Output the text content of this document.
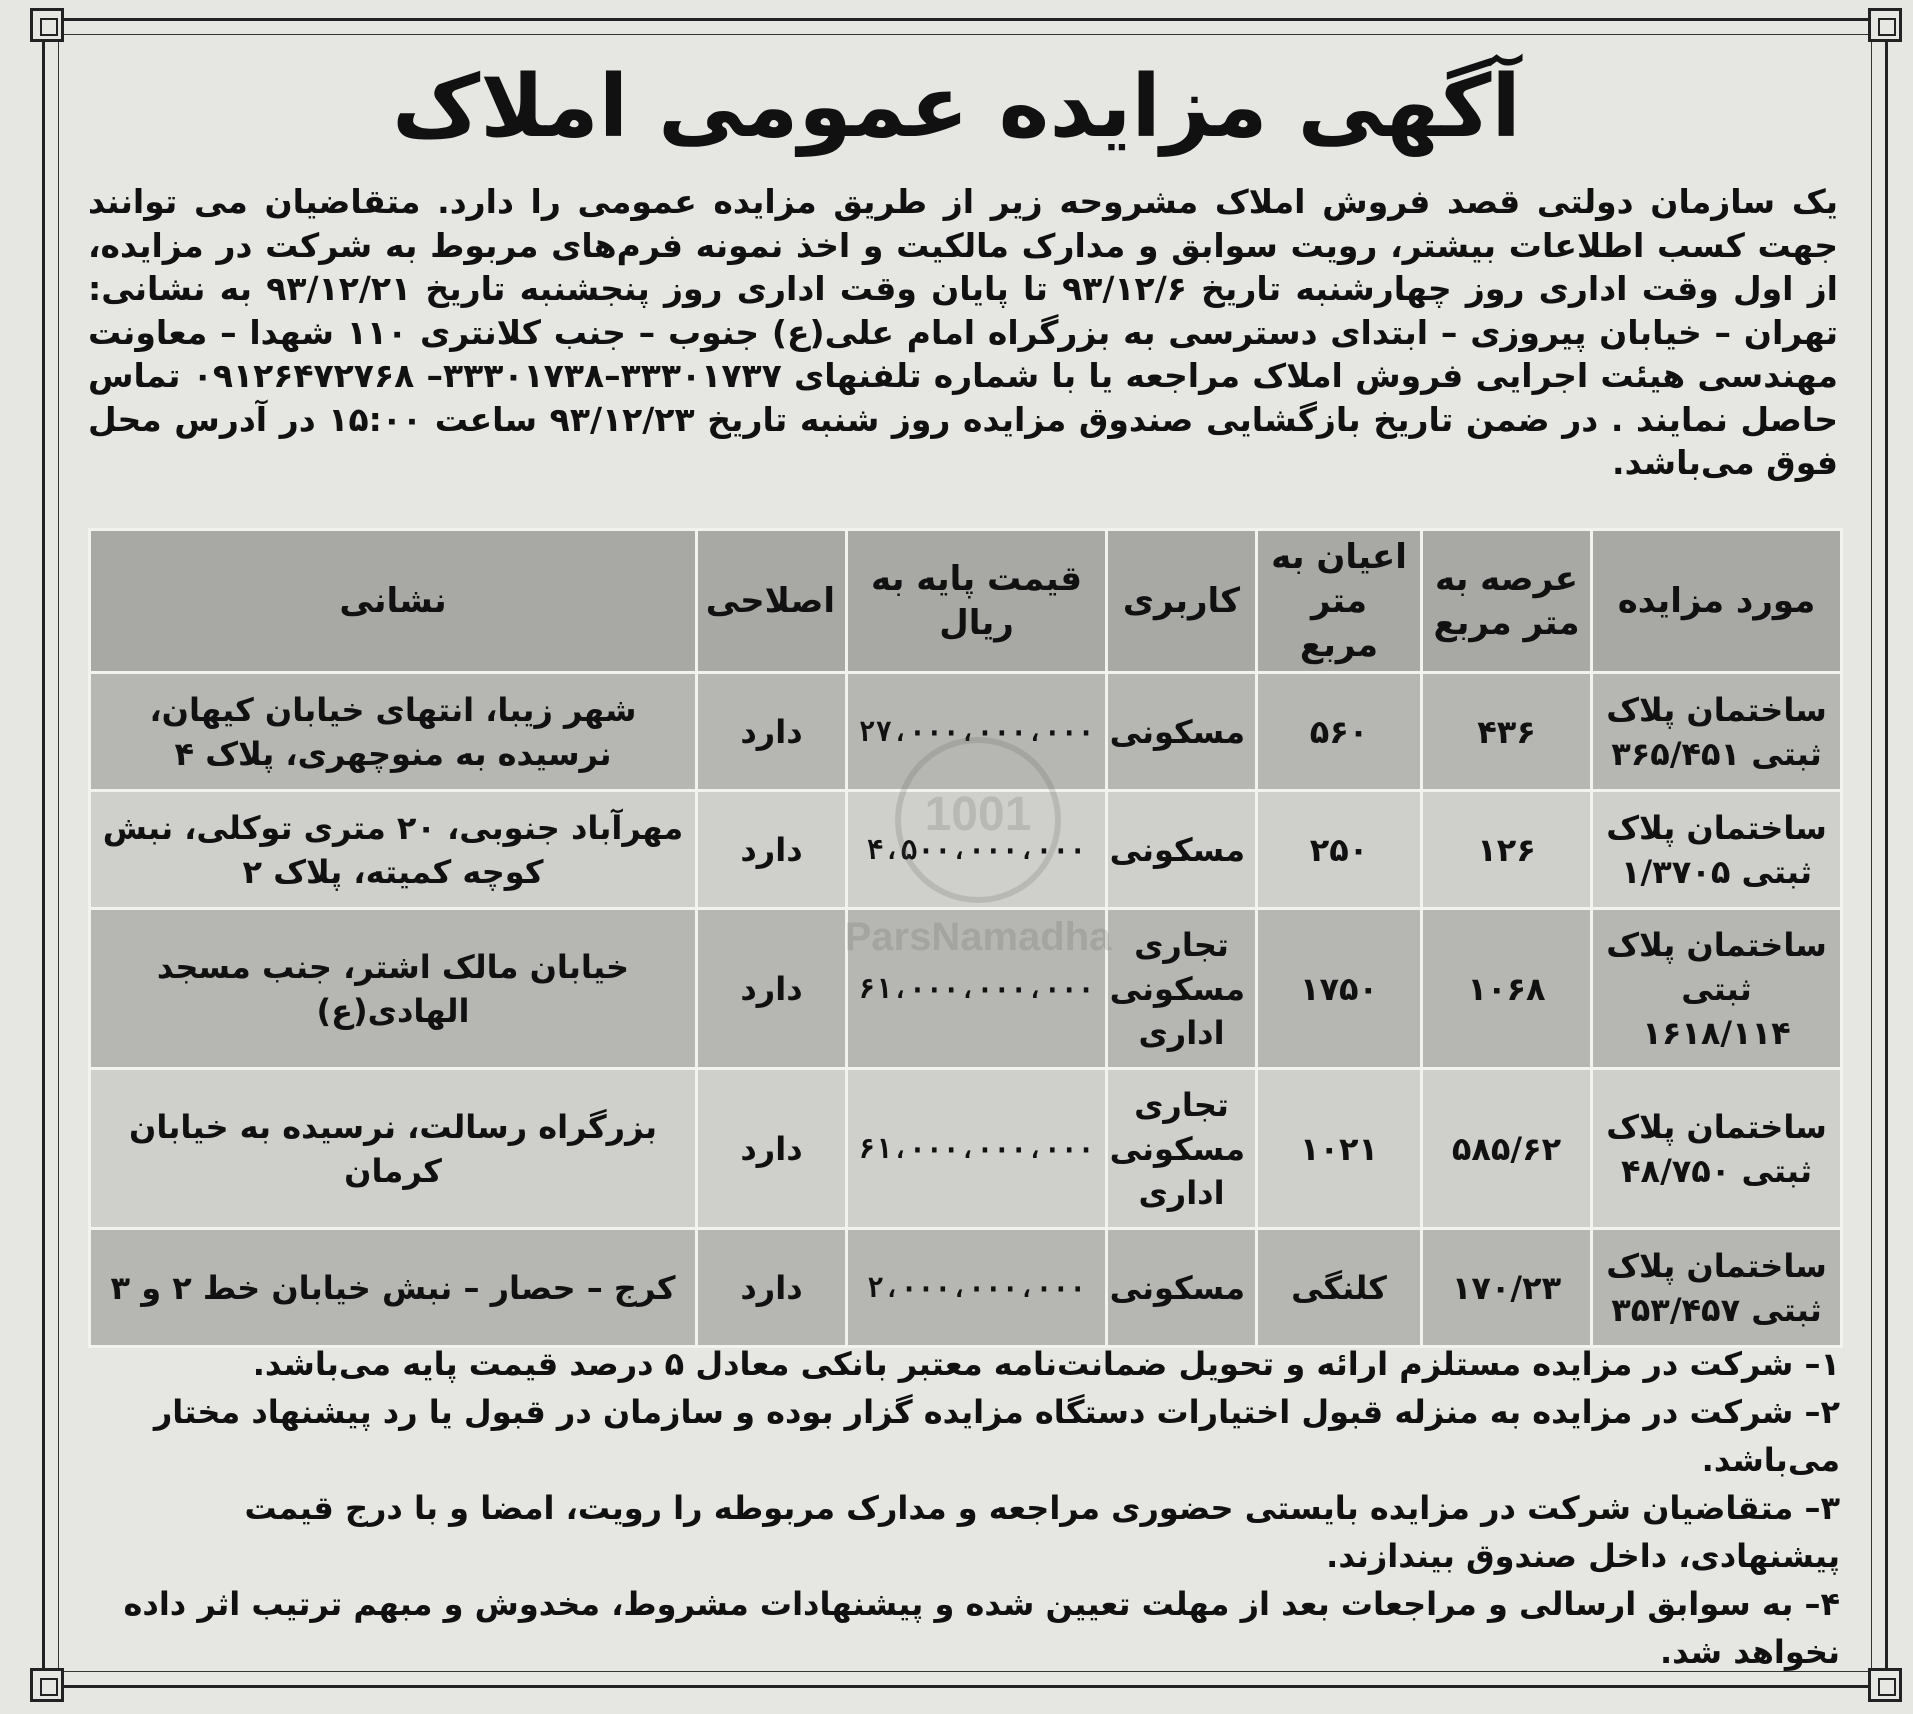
آگهی مزایده عمومی املاک
یک سازمان دولتی قصد فروش املاک مشروحه زیر از طریق مزایده عمومی را دارد. متقاضیان می توانند جهت کسب اطلاعات بیشتر، رویت سوابق و مدارک مالکیت و اخذ نمونه فرم‌های مربوط به شرکت در مزایده، از اول وقت اداری روز چهارشنبه تاریخ ۹۳/۱۲/۶ تا پایان وقت اداری روز پنجشنبه تاریخ ۹۳/۱۲/۲۱ به نشانی: تهران – خیابان پیروزی – ابتدای دسترسی به بزرگراه امام علی(ع) جنوب – جنب کلانتری ۱۱۰ شهدا – معاونت مهندسی هیئت اجرایی فروش املاک مراجعه یا با شماره تلفنهای ۳۳۳۰۱۷۳۷–۳۳۳۰۱۷۳۸– ۰۹۱۲۶۴۷۲۷۶۸ تماس حاصل نمایند . در ضمن تاریخ بازگشایی صندوق مزایده روز شنبه تاریخ ۹۳/۱۲/۲۳ ساعت ۱۵:۰۰ در آدرس محل فوق می‌باشد.
مورد مزایده	عرصه به متر مربع	اعیان به متر مربع	کاربری	قیمت پایه به ریال	اصلاحی	نشانی
ساختمان پلاک ثبتی ۳۶۵/۴۵۱	۴۳۶	۵۶۰	مسکونی	۲۷،۰۰۰،۰۰۰،۰۰۰	دارد	شهر زیبا، انتهای خیابان کیهان، نرسیده به منوچهری، پلاک ۴
ساختمان پلاک ثبتی ۱/۳۷۰۵	۱۲۶	۲۵۰	مسکونی	۴،۵۰۰،۰۰۰،۰۰۰	دارد	مهرآباد جنوبی، ۲۰ متری توکلی، نبش کوچه کمیته، پلاک ۲
ساختمان پلاک ثبتی ۱۶۱۸/۱۱۴	۱۰۶۸	۱۷۵۰	تجاری مسکونی اداری	۶۱،۰۰۰،۰۰۰،۰۰۰	دارد	خیابان مالک اشتر، جنب مسجد الهادی(ع)
ساختمان پلاک ثبتی ۴۸/۷۵۰	۵۸۵/۶۲	۱۰۲۱	تجاری مسکونی اداری	۶۱،۰۰۰،۰۰۰،۰۰۰	دارد	بزرگراه رسالت، نرسیده به خیابان کرمان
ساختمان پلاک ثبتی ۳۵۳/۴۵۷	۱۷۰/۲۳	کلنگی	مسکونی	۲،۰۰۰،۰۰۰،۰۰۰	دارد	کرج – حصار – نبش خیابان خط ۲ و ۳

۱– شرکت در مزایده مستلزم ارائه و تحویل ضمانت‌نامه معتبر بانکی معادل ۵ درصد قیمت پایه می‌باشد.

۲– شرکت در مزایده به منزله قبول اختیارات دستگاه مزایده گزار بوده و سازمان در قبول یا رد پیشنهاد مختار می‌باشد.

۳– متقاضیان شرکت در مزایده بایستی حضوری مراجعه و مدارک مربوطه را رویت، امضا و با درج قیمت پیشنهادی، داخل صندوق بیندازند.

۴– به سوابق ارسالی و مراجعات بعد از مهلت تعیین شده و پیشنهادات مشروط، مخدوش و مبهم ترتیب اثر داده نخواهد شد.
